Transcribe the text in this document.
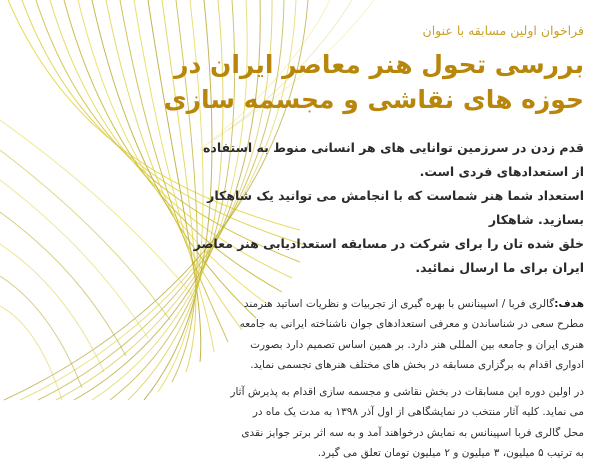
فراخوان اولین مسابقه با عنوان
بررسی تحول هنر معاصر ایران در
حوزه های نقاشی و مجسمه سازی
قدم زدن در سرزمین توانایی های هر انسانی منوط به استفاده از استعدادهای فردی است.
استعداد شما هنر شماست که با انجامش می توانید یک شاهکار بسازید. شاهکار
خلق شده تان را برای شرکت در مسابقه استعدادیابی هنر معاصر ایران برای ما ارسال نمائید.

هدف:گالری فربا / اسپینانس با بهره گیری از تجربیات و نظریات اساتید هنرمند
مطرح سعی در شناساندن و معرفی استعدادهای جوان ناشناخته ایرانی به جامعه
هنری ایران و جامعه بین المللی هنر دارد. بر همین اساس تصمیم دارد بصورت
ادواری اقدام به برگزاری مسابقه در بخش های مختلف هنرهای تجسمی نماید.

در اولین دوره این مسابقات در بخش نقاشی و مجسمه سازی اقدام به پذیرش آثار
می نماید. کلیه آثار منتخب در نمایشگاهی از اول آذر ۱۳۹۸ به مدت یک ماه در
محل گالری فربا اسپینانس به نمایش درخواهند آمد و به سه اثر برتر جوایز نقدی
به ترتیب ۵ میلیون، ۳ میلیون و ۲ میلیون تومان تعلق می گیرد.
